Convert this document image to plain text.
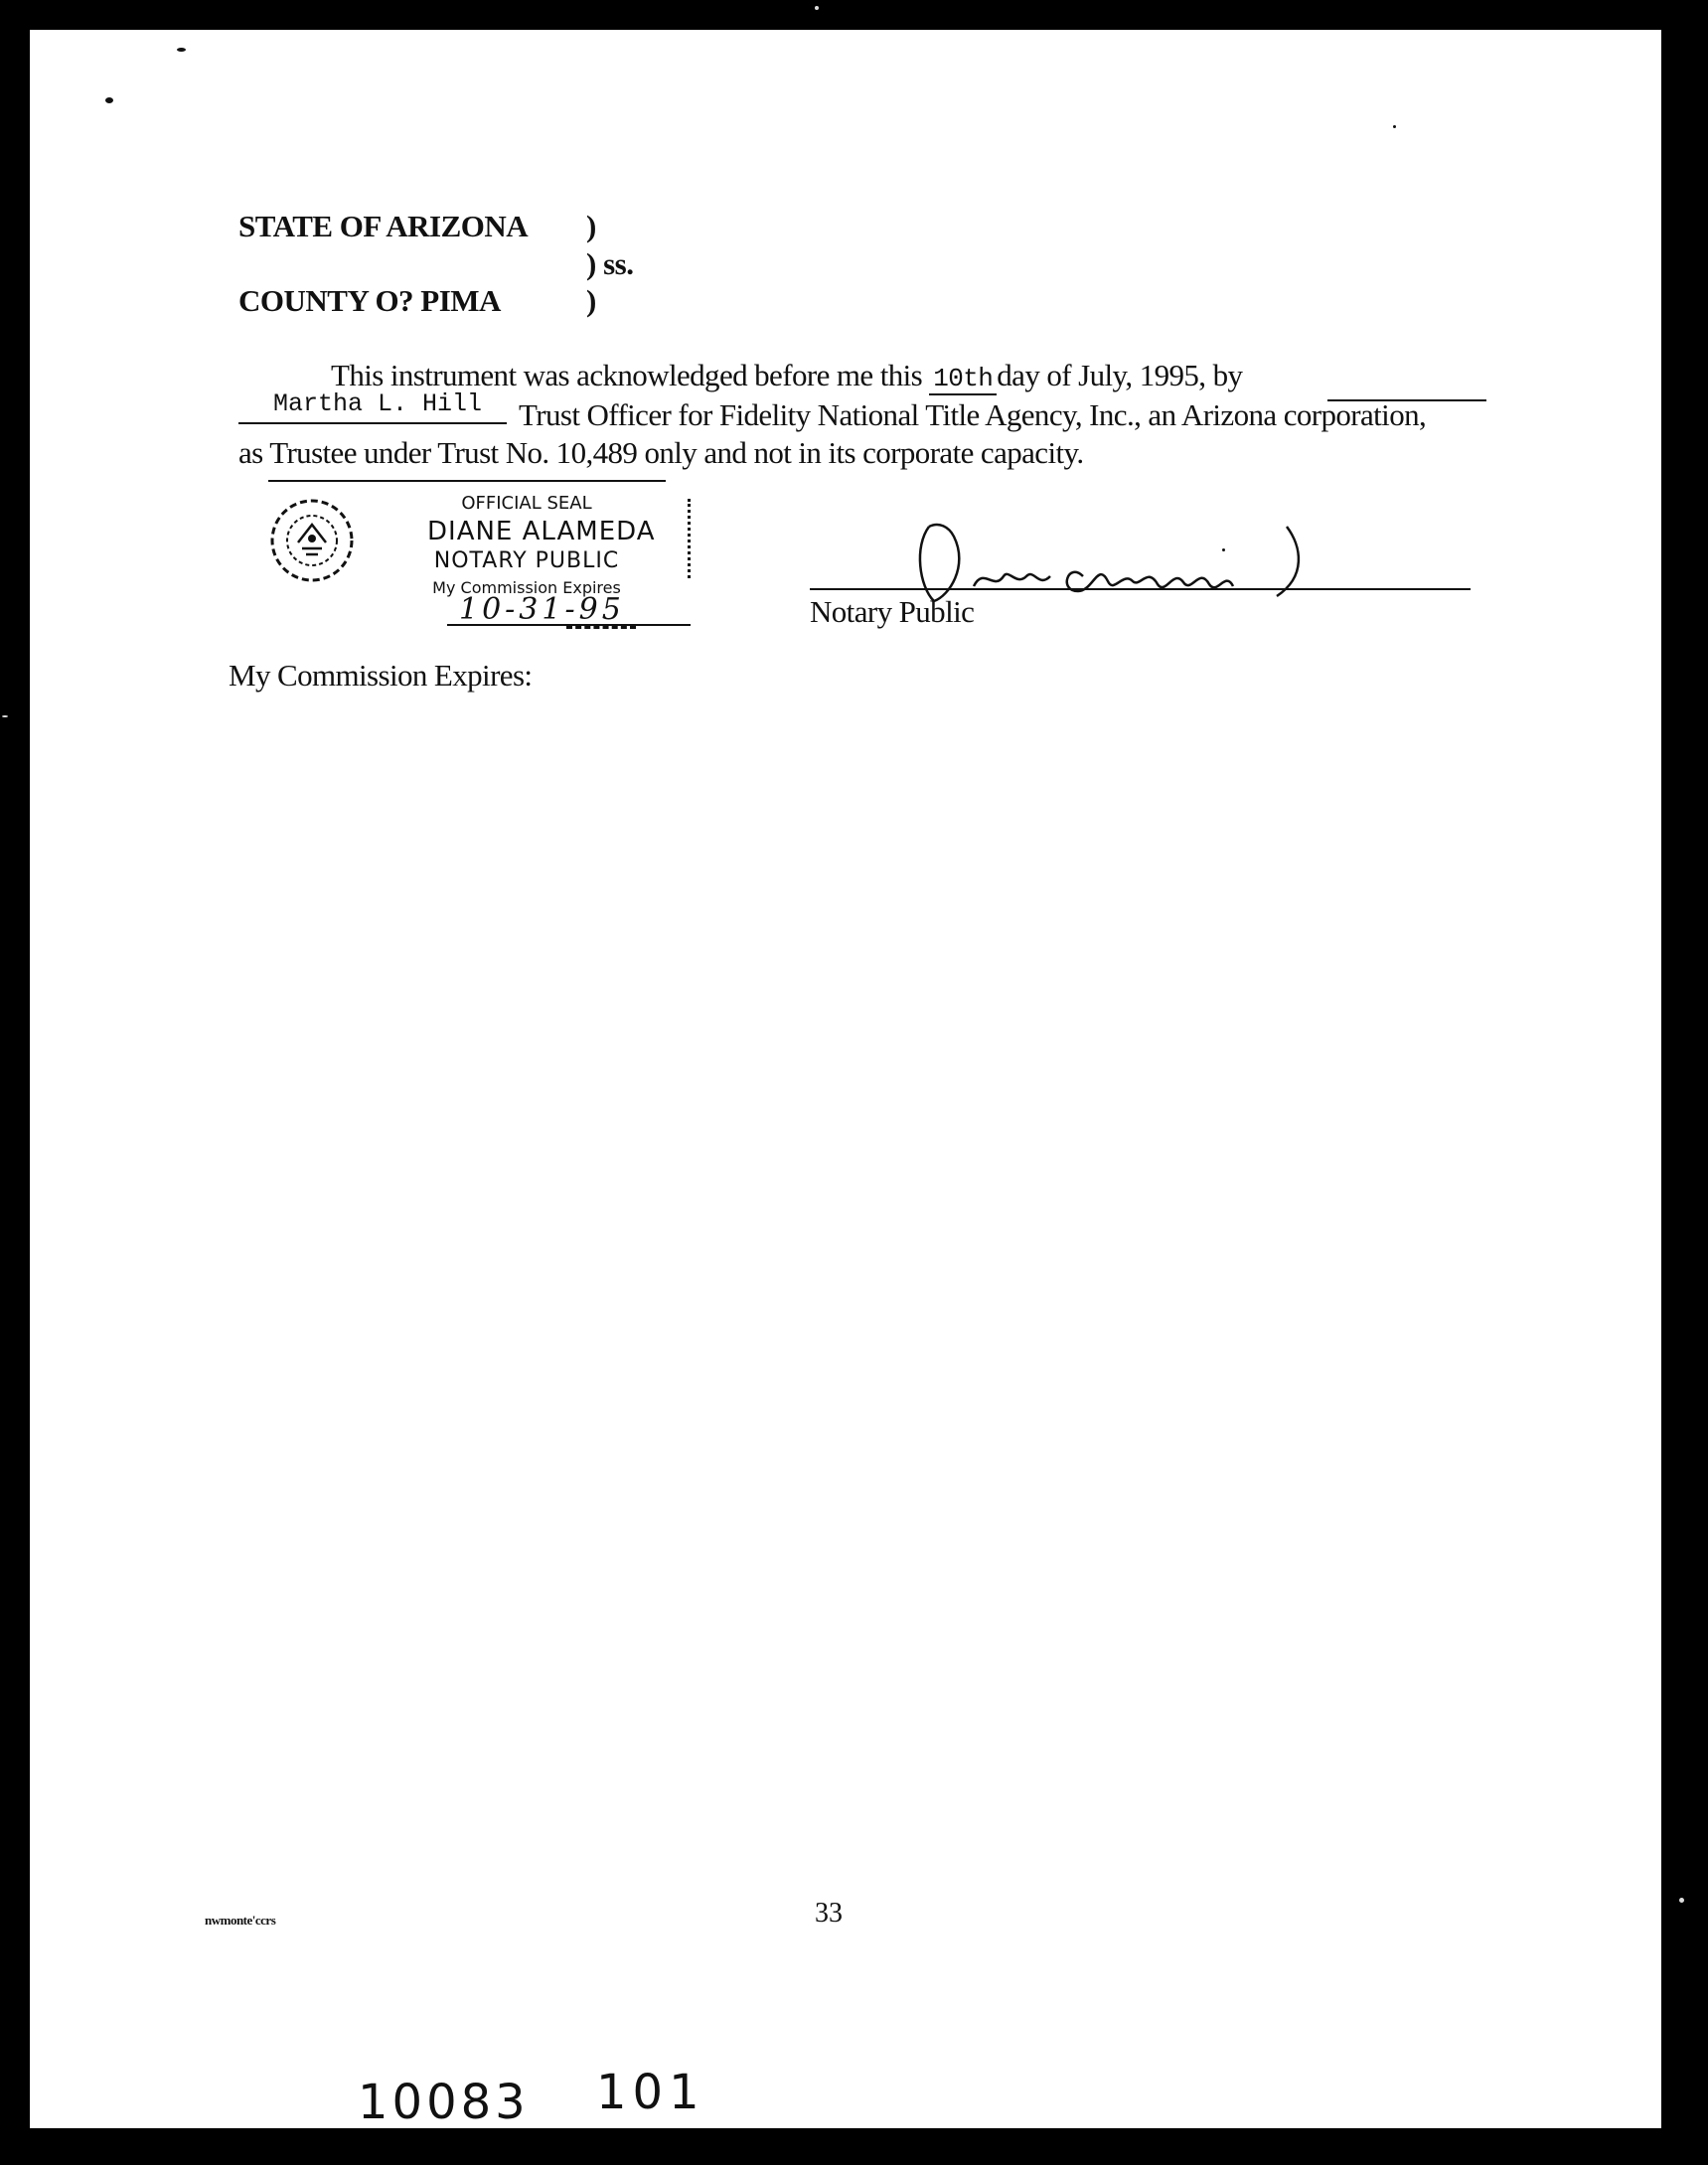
STATE OF ARIZONA )
) ss.
COUNTY O? PIMA	)
This instrument was acknowledged before me this 10th day of July, 1995, by
Martha L. Hill Trust Officer for Fidelity National Title Agency, Inc., an Arizona corporation,
as Trustee under Trust No. 10,489 only and not in its corporate capacity.
OFFICIAL SEAL
DIANE ALAMEDA
NOTARY PUBLIC
My Commission Expires
10-31-95	Notary Public
My Commission Expires:
nwmonte'ccrs	33
10083 101
